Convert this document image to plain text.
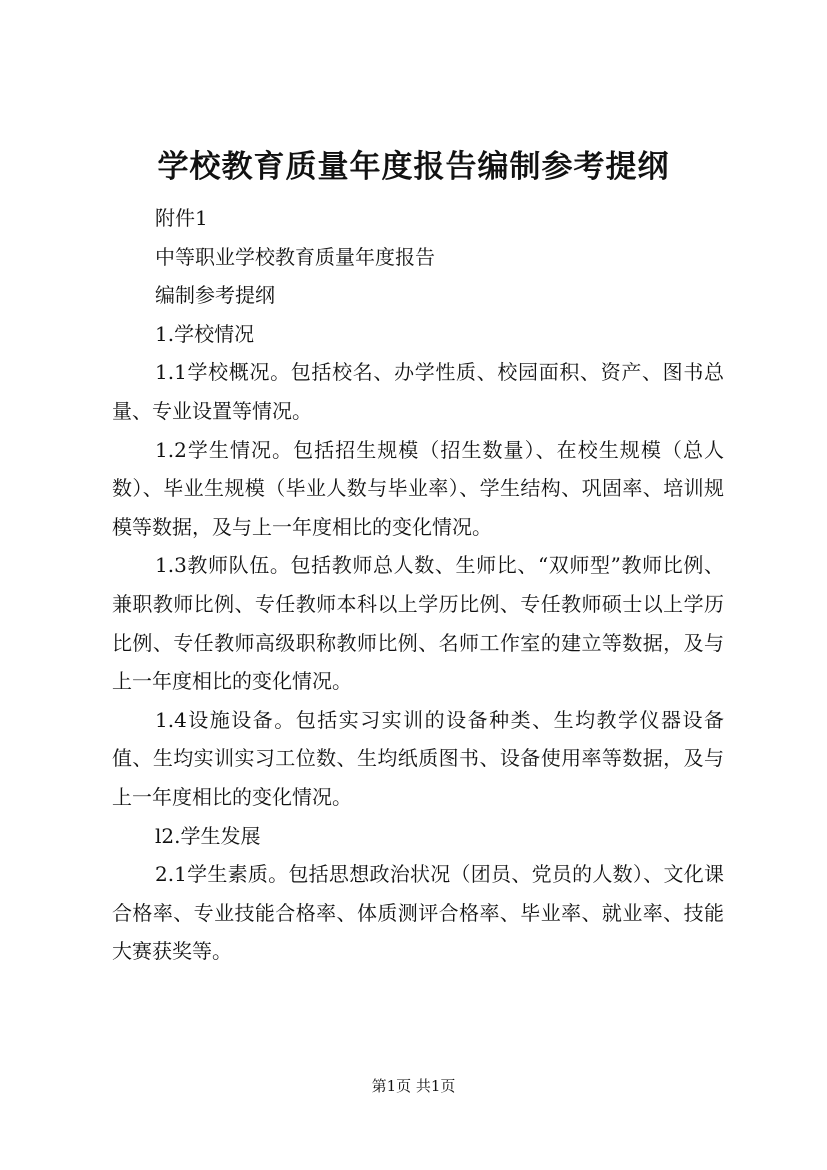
学校教育质量年度报告编制参考提纲

附件1

中等职业学校教育质量年度报告

编制参考提纲

1.学校情况

1.1学校概况。包括校名、办学性质、校园面积、资产、图书总量、专业设置等情况。

1.2学生情况。包括招生规模（招生数量）、在校生规模（总人数）、毕业生规模（毕业人数与毕业率）、学生结构、巩固率、培训规模等数据，及与上一年度相比的变化情况。

1.3教师队伍。包括教师总人数、生师比、“双师型”教师比例、兼职教师比例、专任教师本科以上学历比例、专任教师硕士以上学历比例、专任教师高级职称教师比例、名师工作室的建立等数据，及与上一年度相比的变化情况。

1.4设施设备。包括实习实训的设备种类、生均教学仪器设备值、生均实训实习工位数、生均纸质图书、设备使用率等数据，及与上一年度相比的变化情况。

l2.学生发展

2.1学生素质。包括思想政治状况（团员、党员的人数）、文化课合格率、专业技能合格率、体质测评合格率、毕业率、就业率、技能大赛获奖等。

第1页 共1页
